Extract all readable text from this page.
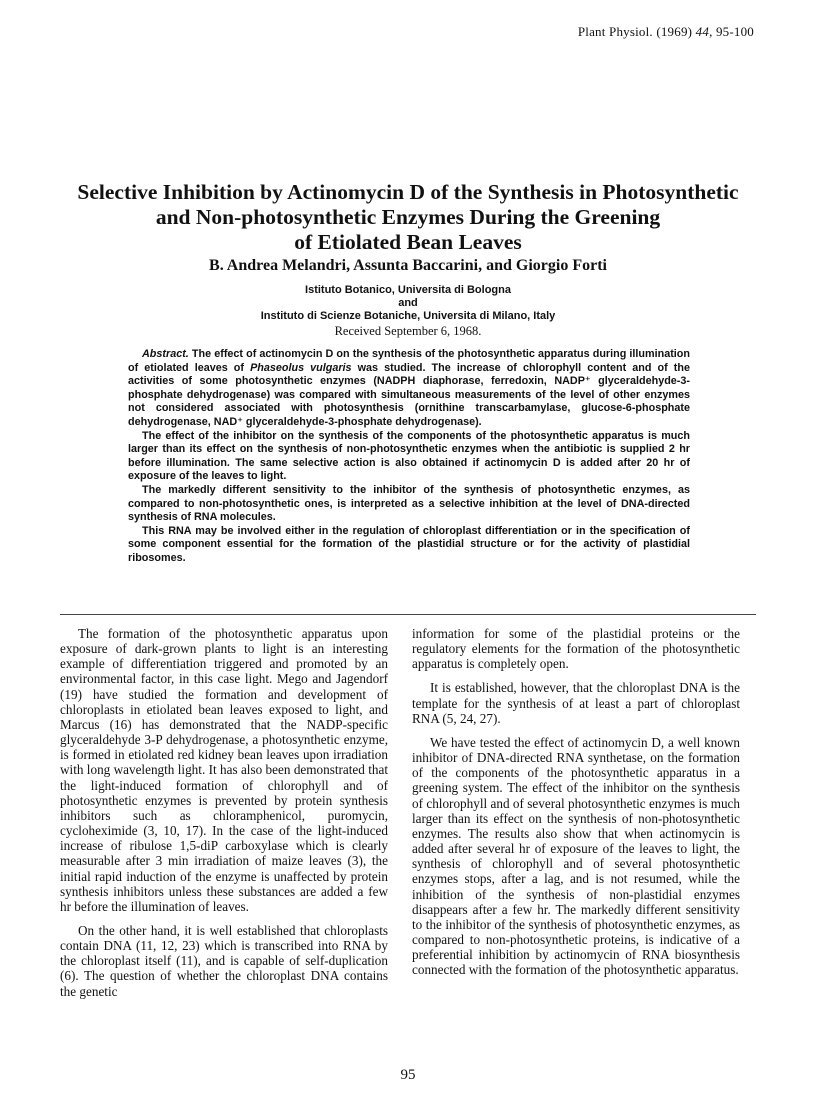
Plant Physiol. (1969) 44, 95-100
Selective Inhibition by Actinomycin D of the Synthesis in Photosynthetic
and Non-photosynthetic Enzymes During the Greening
of Etiolated Bean Leaves
B. Andrea Melandri, Assunta Baccarini, and Giorgio Forti
Istituto Botanico, Universita di Bologna
and
Instituto di Scienze Botaniche, Universita di Milano, Italy
Received September 6, 1968.

Abstract. The effect of actinomycin D on the synthesis of the photosynthetic apparatus during illumination of etiolated leaves of Phaseolus vulgaris was studied. The increase of chlorophyll content and of the activities of some photosynthetic enzymes (NADPH diaphorase, ferredoxin, NADP⁺ glyceraldehyde-3-phosphate dehydrogenase) was compared with simultaneous measurements of the level of other enzymes not considered associated with photosynthesis (ornithine transcarbamylase, glucose-6-phosphate dehydrogenase, NAD⁺ glyceraldehyde-3-phosphate dehydrogenase).

The effect of the inhibitor on the synthesis of the components of the photosynthetic apparatus is much larger than its effect on the synthesis of non-photosynthetic enzymes when the antibiotic is supplied 2 hr before illumination. The same selective action is also obtained if actinomycin D is added after 20 hr of exposure of the leaves to light.

The markedly different sensitivity to the inhibitor of the synthesis of photosynthetic enzymes, as compared to non-photosynthetic ones, is interpreted as a selective inhibition at the level of DNA-directed synthesis of RNA molecules.

This RNA may be involved either in the regulation of chloroplast differentiation or in the specification of some component essential for the formation of the plastidial structure or for the activity of plastidial ribosomes.

The formation of the photosynthetic apparatus upon exposure of dark-grown plants to light is an interesting example of differentiation triggered and promoted by an environmental factor, in this case light. Mego and Jagendorf (19) have studied the formation and development of chloroplasts in etiolated bean leaves exposed to light, and Marcus (16) has demonstrated that the NADP-specific glyceraldehyde 3-P dehydrogenase, a photosynthetic enzyme, is formed in etiolated red kidney bean leaves upon irradiation with long wavelength light. It has also been demonstrated that the light-induced formation of chlorophyll and of photosynthetic enzymes is prevented by protein synthesis inhibitors such as chloramphenicol, puromycin, cycloheximide (3, 10, 17). In the case of the light-induced increase of ribulose 1,5-diP carboxylase which is clearly measurable after 3 min irradiation of maize leaves (3), the initial rapid induction of the enzyme is unaffected by protein synthesis inhibitors unless these substances are added a few hr before the illumination of leaves.

On the other hand, it is well established that chloroplasts contain DNA (11, 12, 23) which is transcribed into RNA by the chloroplast itself (11), and is capable of self-duplication (6). The question of whether the chloroplast DNA contains the genetic

information for some of the plastidial proteins or the regulatory elements for the formation of the photosynthetic apparatus is completely open.

It is established, however, that the chloroplast DNA is the template for the synthesis of at least a part of chloroplast RNA (5, 24, 27).

We have tested the effect of actinomycin D, a well known inhibitor of DNA-directed RNA synthetase, on the formation of the components of the photosynthetic apparatus in a greening system. The effect of the inhibitor on the synthesis of chlorophyll and of several photosynthetic enzymes is much larger than its effect on the synthesis of non-photosynthetic enzymes. The results also show that when actinomycin is added after several hr of exposure of the leaves to light, the synthesis of chlorophyll and of several photosynthetic enzymes stops, after a lag, and is not resumed, while the inhibition of the synthesis of non-plastidial enzymes disappears after a few hr. The markedly different sensitivity to the inhibitor of the synthesis of photosynthetic enzymes, as compared to non-photosynthetic proteins, is indicative of a preferential inhibition by actinomycin of RNA biosynthesis connected with the formation of the photosynthetic apparatus.

95
